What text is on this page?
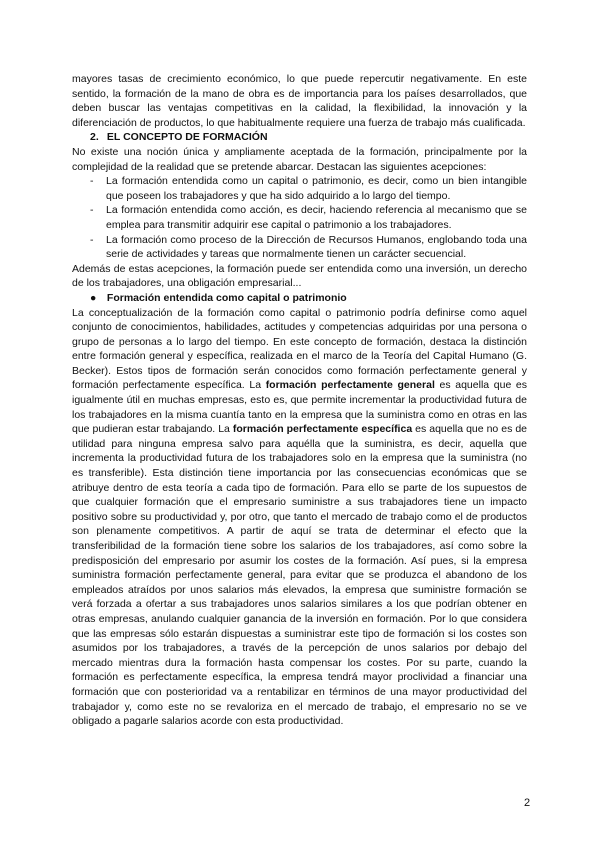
mayores tasas de crecimiento económico, lo que puede repercutir negativamente. En este sentido, la formación de la mano de obra es de importancia para los países desarrollados, que deben buscar las ventajas competitivas en la calidad, la flexibilidad, la innovación y la diferenciación de productos, lo que habitualmente requiere una fuerza de trabajo más cualificada.

2. EL CONCEPTO DE FORMACIÓN

No existe una noción única y ampliamente aceptada de la formación, principalmente por la complejidad de la realidad que se pretende abarcar. Destacan las siguientes acepciones:

- La formación entendida como un capital o patrimonio, es decir, como un bien intangible que poseen los trabajadores y que ha sido adquirido a lo largo del tiempo.
- La formación entendida como acción, es decir, haciendo referencia al mecanismo que se emplea para transmitir adquirir ese capital o patrimonio a los trabajadores.
- La formación como proceso de la Dirección de Recursos Humanos, englobando toda una serie de actividades y tareas que normalmente tienen un carácter secuencial.

Además de estas acepciones, la formación puede ser entendida como una inversión, un derecho de los trabajadores, una obligación empresarial...

● Formación entendida como capital o patrimonio

La conceptualización de la formación como capital o patrimonio podría definirse como aquel conjunto de conocimientos, habilidades, actitudes y competencias adquiridas por una persona o grupo de personas a lo largo del tiempo. En este concepto de formación, destaca la distinción entre formación general y específica, realizada en el marco de la Teoría del Capital Humano (G. Becker). Estos tipos de formación serán conocidos como formación perfectamente general y formación perfectamente específica. La formación perfectamente general es aquella que es igualmente útil en muchas empresas, esto es, que permite incrementar la productividad futura de los trabajadores en la misma cuantía tanto en la empresa que la suministra como en otras en las que pudieran estar trabajando. La formación perfectamente específica es aquella que no es de utilidad para ninguna empresa salvo para aquélla que la suministra, es decir, aquella que incrementa la productividad futura de los trabajadores solo en la empresa que la suministra (no es transferible). Esta distinción tiene importancia por las consecuencias económicas que se atribuye dentro de esta teoría a cada tipo de formación. Para ello se parte de los supuestos de que cualquier formación que el empresario suministre a sus trabajadores tiene un impacto positivo sobre su productividad y, por otro, que tanto el mercado de trabajo como el de productos son plenamente competitivos. A partir de aquí se trata de determinar el efecto que la transferibilidad de la formación tiene sobre los salarios de los trabajadores, así como sobre la predisposición del empresario por asumir los costes de la formación. Así pues, si la empresa suministra formación perfectamente general, para evitar que se produzca el abandono de los empleados atraídos por unos salarios más elevados, la empresa que suministre formación se verá forzada a ofertar a sus trabajadores unos salarios similares a los que podrían obtener en otras empresas, anulando cualquier ganancia de la inversión en formación. Por lo que considera que las empresas sólo estarán dispuestas a suministrar este tipo de formación si los costes son asumidos por los trabajadores, a través de la percepción de unos salarios por debajo del mercado mientras dura la formación hasta compensar los costes. Por su parte, cuando la formación es perfectamente específica, la empresa tendrá mayor proclividad a financiar una formación que con posterioridad va a rentabilizar en términos de una mayor productividad del trabajador y, como este no se revaloriza en el mercado de trabajo, el empresario no se ve obligado a pagarle salarios acorde con esta productividad.

2
